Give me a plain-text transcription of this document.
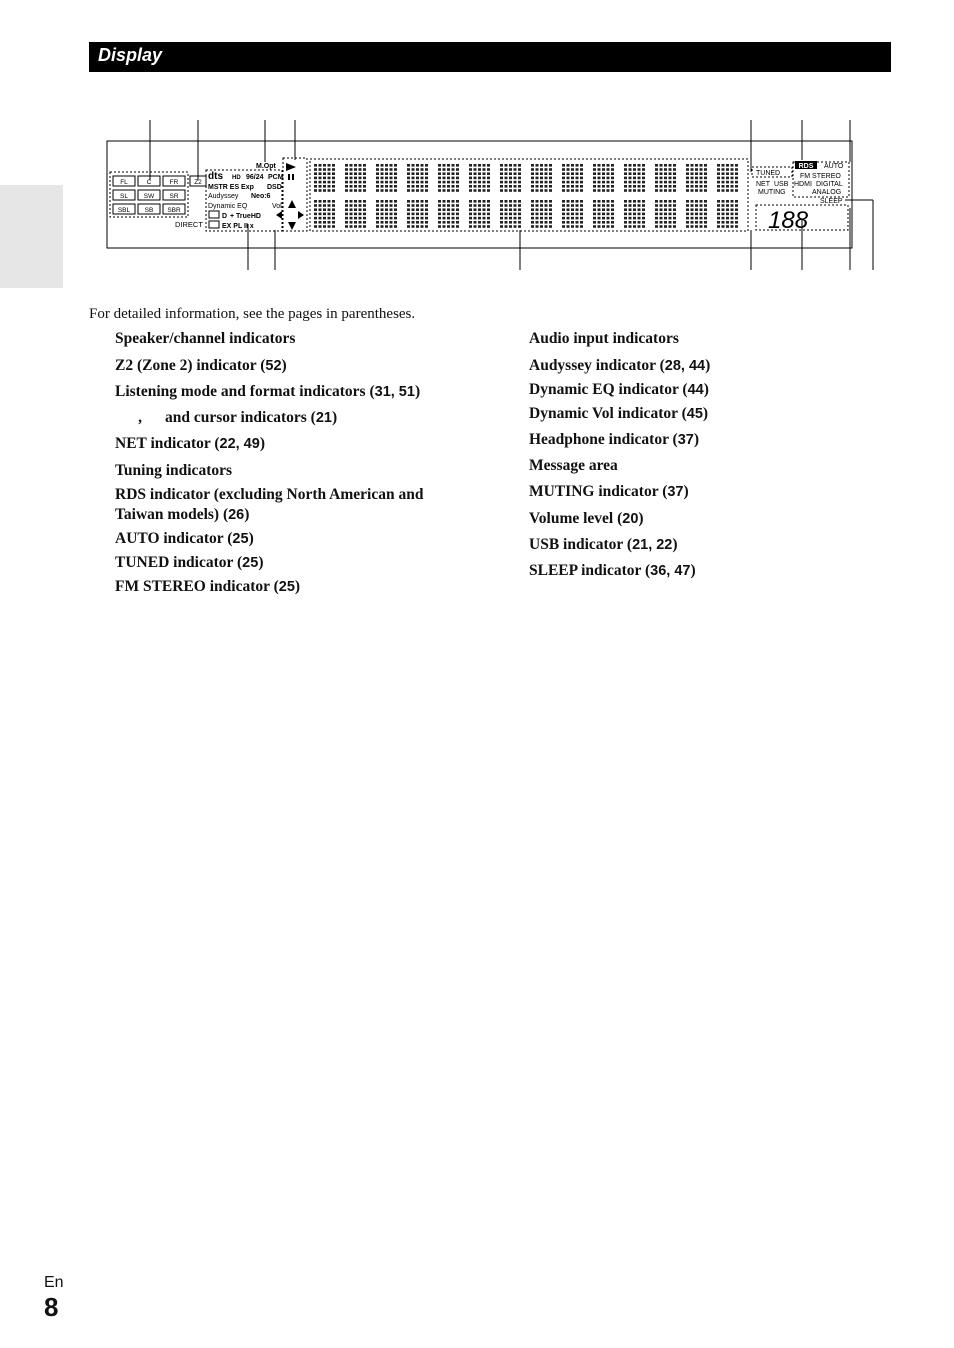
Display
FL	C	FR
SL SW SR
SBL SB SBR
Z2
DIRECT
M.Opt
dts HD 96/24 PCM
MSTR ES Exp DSD
Audyssey Neo:6
Dynamic EQ	Vol
D + TrueHD
EX PL II x
TUNED
RDS AUTO
FM STEREO
NET USB HDMI DIGITAL
MUTING	ANALOG
SLEEP
188
For detailed information, see the pages in parentheses.
Speaker/channel indicators
Z2 (Zone 2) indicator (52)
Listening mode and format indicators (31, 51)
, and cursor indicators (21)
NET indicator (22, 49)
Tuning indicators
RDS indicator (excluding North American and Taiwan models) (26)
AUTO indicator (25)
TUNED indicator (25)
FM STEREO indicator (25)
Audio input indicators
Audyssey indicator (28, 44)
Dynamic EQ indicator (44)
Dynamic Vol indicator (45)
Headphone indicator (37)
Message area
MUTING indicator (37)
Volume level (20)
USB indicator (21, 22)
SLEEP indicator (36, 47)
En
8
